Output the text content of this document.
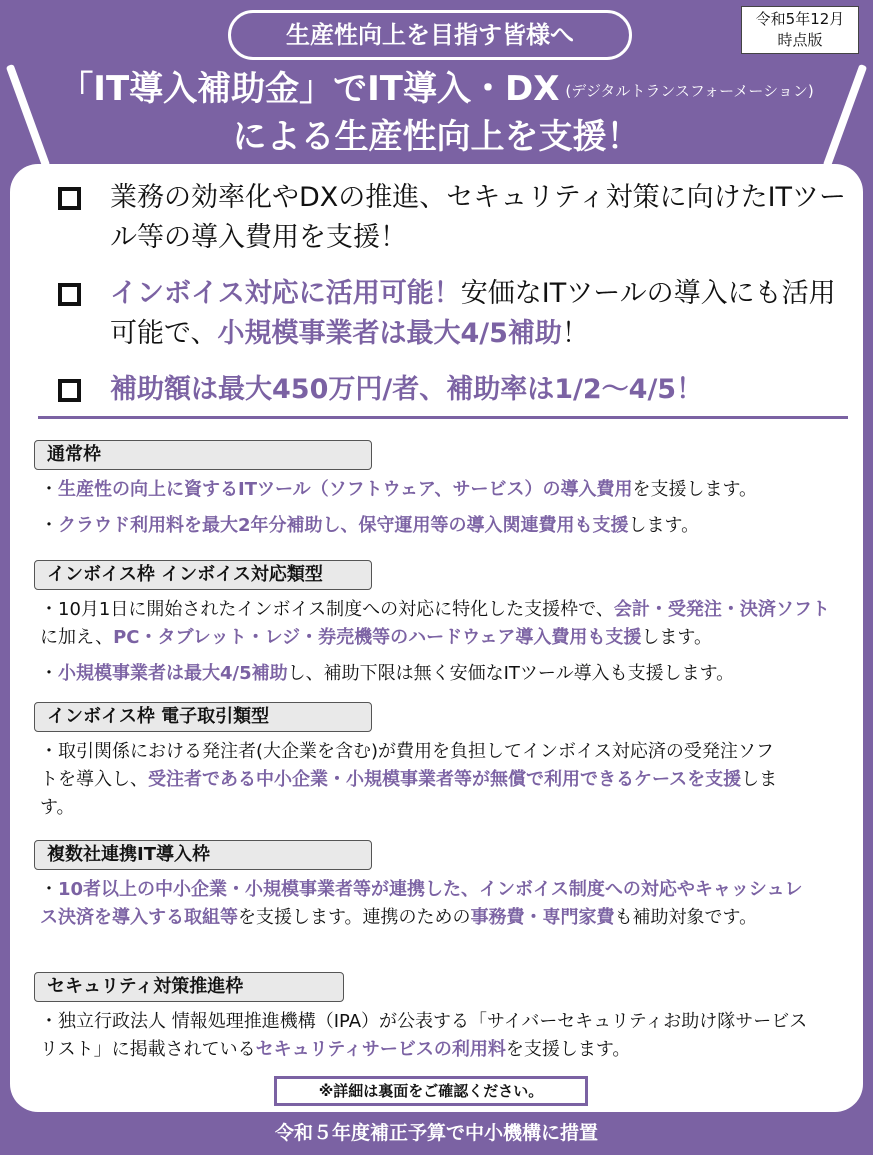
令和5年12月
時点版
生産性向上を目指す皆様へ
「IT導入補助金」でIT導入・DX (デジタルトランスフォーメーション)
による生産性向上を支援！
業務の効率化やDXの推進、セキュリティ対策に向けたITツール等の導入費用を支援！
インボイス対応に活用可能！安価なITツールの導入にも活用可能で、小規模事業者は最大4/5補助！
補助額は最大450万円/者、補助率は1/2〜4/5！
通常枠

・生産性の向上に資するITツール（ソフトウェア、サービス）の導入費用を支援します。

・クラウド利用料を最大2年分補助し、保守運用等の導入関連費用も支援します。

インボイス枠 インボイス対応類型

・10月1日に開始されたインボイス制度への対応に特化した支援枠で、会計・受発注・決済ソフトに加え、PC・タブレット・レジ・券売機等のハードウェア導入費用も支援します。

・小規模事業者は最大4/5補助し、補助下限は無く安価なITツール導入も支援します。

インボイス枠 電子取引類型

・取引関係における発注者(大企業を含む)が費用を負担してインボイス対応済の受発注ソフトを導入し、受注者である中小企業・小規模事業者等が無償で利用できるケースを支援します。

複数社連携IT導入枠

・10者以上の中小企業・小規模事業者等が連携した、インボイス制度への対応やキャッシュレス決済を導入する取組等を支援します。連携のための事務費・専門家費も補助対象です。

セキュリティ対策推進枠

・独立行政法人 情報処理推進機構（IPA）が公表する「サイバーセキュリティお助け隊サービスリスト」に掲載されているセキュリティサービスの利用料を支援します。

※詳細は裏面をご確認ください。
令和５年度補正予算で中小機構に措置
